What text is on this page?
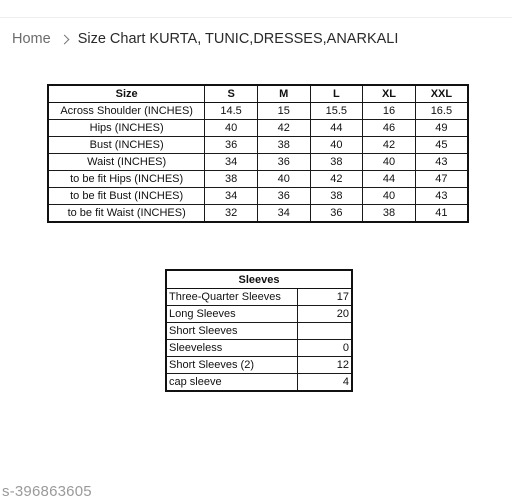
Home Size Chart KURTA, TUNIC,DRESSES,ANARKALI
Size	S	M	L	XL	XXL
Across Shoulder (INCHES)	14.5	15	15.5	16	16.5
Hips (INCHES)	40	42	44	46	49
Bust (INCHES)	36	38	40	42	45
Waist (INCHES)	34	36	38	40	43
to be fit Hips (INCHES)	38	40	42	44	47
to be fit Bust (INCHES)	34	36	38	40	43
to be fit Waist (INCHES)	32	34	36	38	41
Sleeves	
Three-Quarter Sleeves	17
Long Sleeves	20
Short Sleeves	
Sleeveless	0
Short Sleeves (2)	12
cap sleeve	4
s-396863605
